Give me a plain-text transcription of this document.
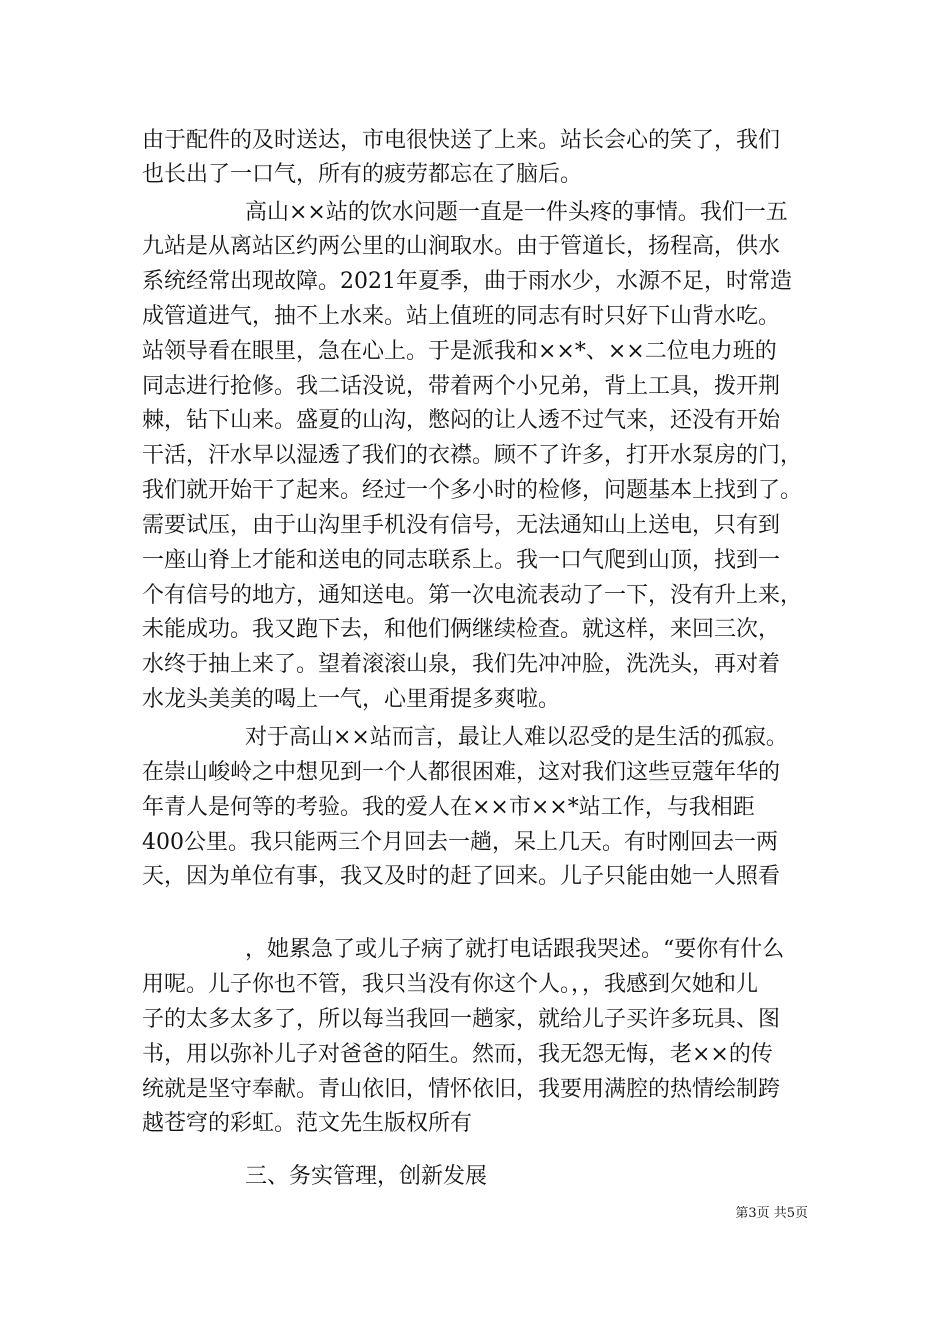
由于配件的及时送达，市电很快送了上来。站长会心的笑了，我们
也长出了一口气，所有的疲劳都忘在了脑后。
高山××站的饮水问题一直是一件头疼的事情。我们一五
九站是从离站区约两公里的山涧取水。由于管道长，扬程高，供水
系统经常出现故障。2021年夏季，曲于雨水少，水源不足，时常造
成管道进气，抽不上水来。站上值班的同志有时只好下山背水吃。
站领导看在眼里，急在心上。于是派我和××*、××二位电力班的
同志进行抢修。我二话没说，带着两个小兄弟，背上工具，拨开荆
棘，钻下山来。盛夏的山沟，憋闷的让人透不过气来，还没有开始
干活，汗水早以湿透了我们的衣襟。顾不了许多，打开水泵房的门，
我们就开始干了起来。经过一个多小时的检修，问题基本上找到了。
需要试压，由于山沟里手机没有信号，无法通知山上送电，只有到
一座山脊上才能和送电的同志联系上。我一口气爬到山顶，找到一
个有信号的地方，通知送电。第一次电流表动了一下，没有升上来，
未能成功。我又跑下去，和他们俩继续检查。就这样，来回三次，
水终于抽上来了。望着滚滚山泉，我们先冲冲脸，洗洗头，再对着
水龙头美美的喝上一气，心里甭提多爽啦。
对于高山××站而言，最让人难以忍受的是生活的孤寂。
在崇山峻岭之中想见到一个人都很困难，这对我们这些豆蔻年华的
年青人是何等的考验。我的爱人在××市××*站工作，与我相距
400公里。我只能两三个月回去一趟，呆上几天。有时刚回去一两
天，因为单位有事，我又及时的赶了回来。儿子只能由她一人照看
，她累急了或儿子病了就打电话跟我哭述。“要你有什么
用呢。儿子你也不管，我只当没有你这个人。，，我感到欠她和儿
子的太多太多了，所以每当我回一趟家，就给儿子买许多玩具、图
书，用以弥补儿子对爸爸的陌生。然而，我无怨无悔，老××的传
统就是坚守奉献。青山依旧，情怀依旧，我要用满腔的热情绘制跨
越苍穹的彩虹。范文先生版权所有
三、务实管理，创新发展
第3页 共5页
